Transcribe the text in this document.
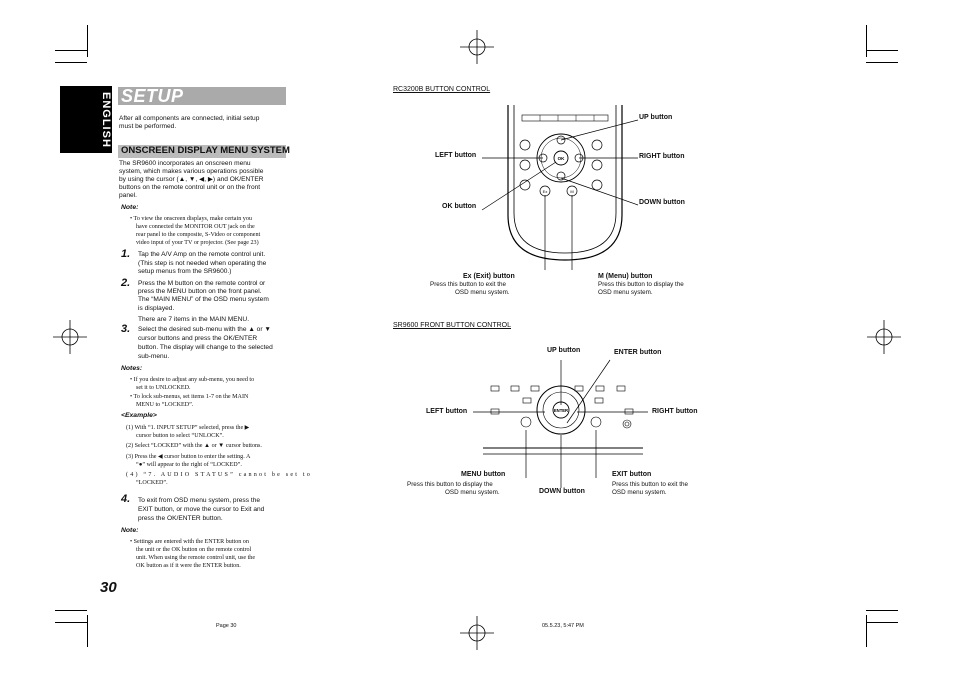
ENGLISH SETUP
After all components are connected, initial setup
must be performed.
ONSCREEN DISPLAY MENU SYSTEM
The SR9600 incorporates an onscreen menu
system, which makes various operations possible
by using the cursor (▲, ▼, ◀, ▶) and OK/ENTER
buttons on the remote control unit or on the front
panel.
Note:
• To view the onscreen displays, make certain you
have connected the MONITOR OUT jack on the
rear panel to the composite, S-Video or component
video input of your TV or projector. (See page 23)
1. Tap the A/V Amp on the remote control unit.
(This step is not needed when operating the
setup menus from the SR9600.)
2. Press the M button on the remote control or
press the MENU button on the front panel.
The “MAIN MENU” of the OSD menu system
is displayed.
There are 7 items in the MAIN MENU.
3. Select the desired sub-menu with the ▲ or ▼
cursor buttons and press the OK/ENTER
button. The display will change to the selected
sub-menu.
Notes:
• If you desire to adjust any sub-menu, you need to
set it to UNLOCKED.
• To lock sub-menus, set items 1-7 on the MAIN
MENU to “LOCKED”.
<Example>
(1) With “1. INPUT SETUP” selected, press the ▶
cursor button to select “UNLOCK”.
(2) Select “LOCKED” with the ▲ or ▼ cursor buttons.
(3) Press the ◀ cursor button to enter the setting. A
“●” will appear to the right of “LOCKED”.
(4) “7. AUDIO STATUS” cannot be set to
“LOCKED”.
4. To exit from OSD menu system, press the
EXIT button, or move the cursor to Exit and
press the OK/ENTER button.
Note:
• Settings are entered with the ENTER button on
the unit or the OK button on the remote control
unit. When using the remote control unit, use the
OK button as if it were the ENTER button.
30
RC3200B BUTTON CONTROL
OK
Ex	M
UP button
LEFT button	RIGHT button
OK button
DOWN button
Ex (Exit) button
Press this button to exit the
OSD menu system.
M (Menu) button
Press this button to display the
OSD menu system.
SR9600 FRONT BUTTON CONTROL
ENTER
UP button	ENTER button
LEFT button	RIGHT button
MENU button
Press this button to display the
OSD menu system.	DOWN button
EXIT button
Press this button to exit the
OSD menu system.
Page 30	05.5.23, 5:47 PM
